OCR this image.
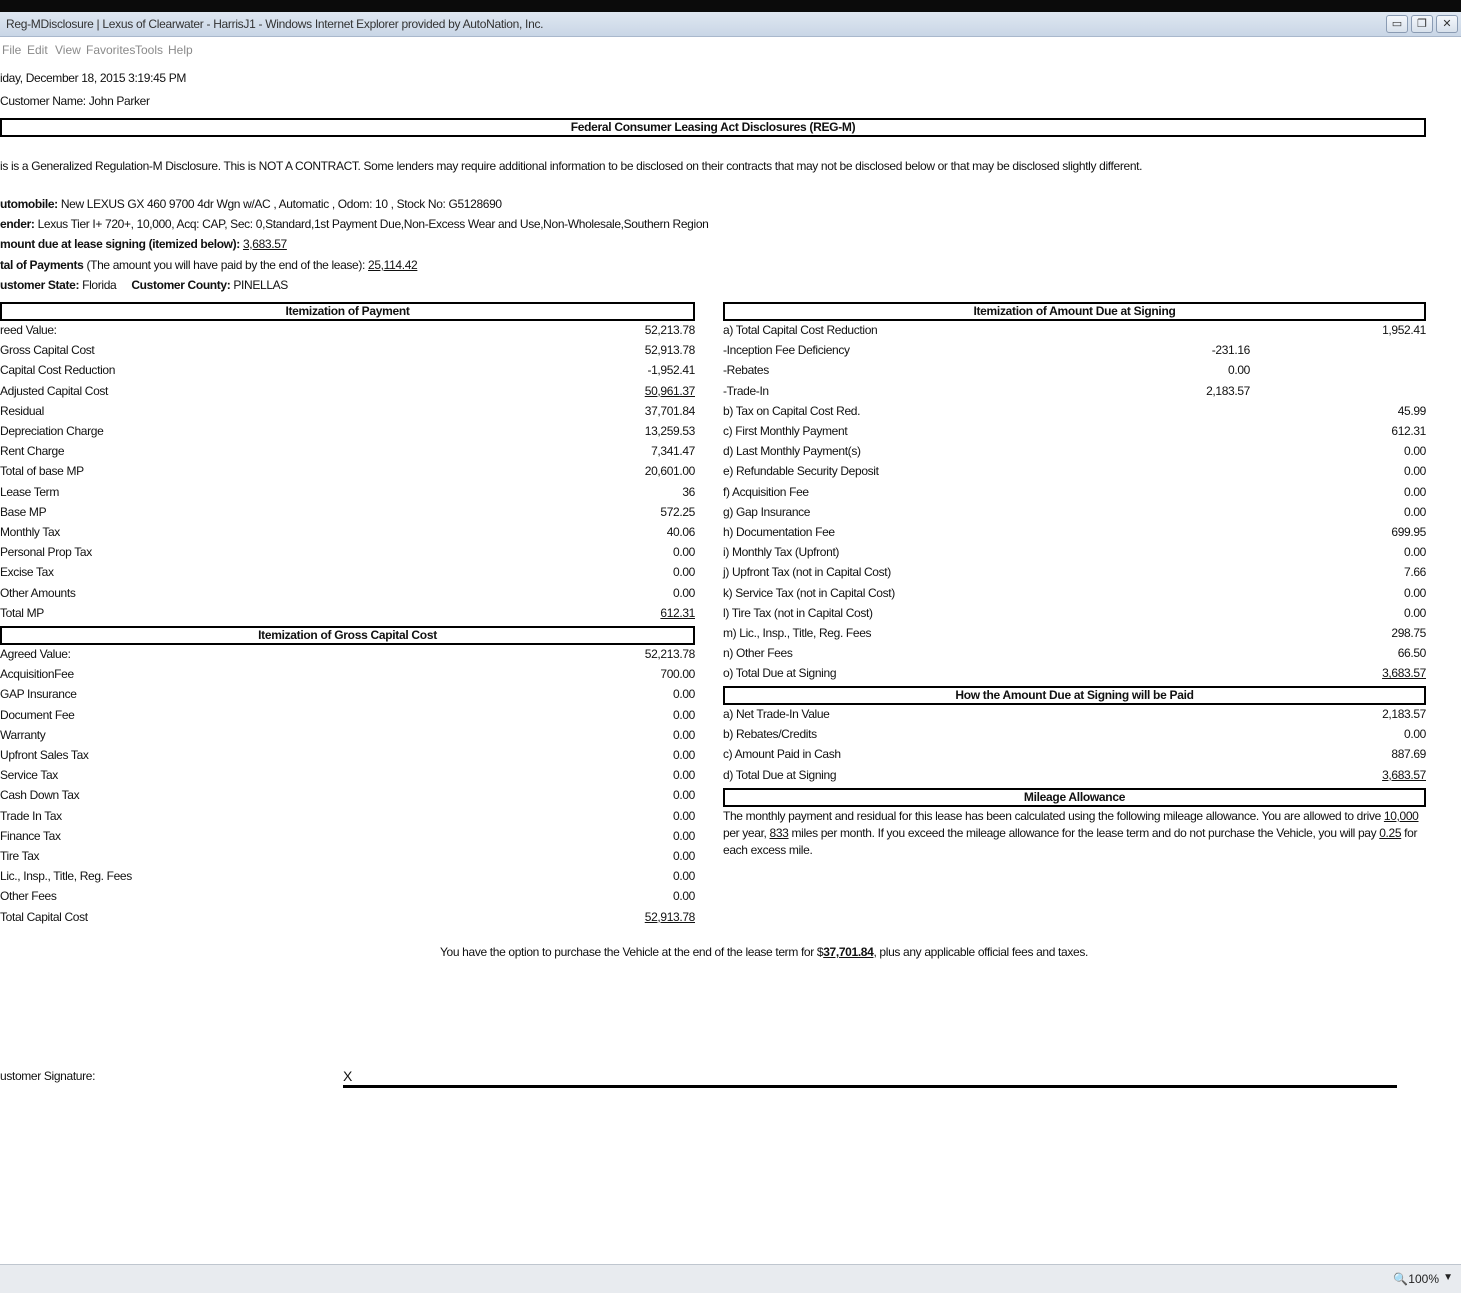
Reg-MDisclosure | Lexus of Clearwater - HarrisJ1 - Windows Internet Explorer provided by AutoNation, Inc.	▭	❐	✕
File Edit View Favorites Tools Help
iday, December 18, 2015 3:19:45 PM
Customer Name: John Parker
Federal Consumer Leasing Act Disclosures (REG-M)
is is a Generalized Regulation-M Disclosure. This is NOT A CONTRACT. Some lenders may require additional information to be disclosed on their contracts that may not be disclosed below or that may be disclosed slightly different.
utomobile: New LEXUS GX 460 9700 4dr Wgn w/AC , Automatic , Odom: 10 , Stock No: G5128690
ender: Lexus Tier I+ 720+, 10,000, Acq: CAP, Sec: 0,Standard,1st Payment Due,Non-Excess Wear and Use,Non-Wholesale,Southern Region
mount due at lease signing (itemized below): 3,683.57
tal of Payments (The amount you will have paid by the end of the lease): 25,114.42
ustomer State: Florida Customer County: PINELLAS
Itemization of Payment
reed Value:	52,213.78
Gross Capital Cost	52,913.78
Capital Cost Reduction	-1,952.41
Adjusted Capital Cost	50,961.37
Residual	37,701.84
Depreciation Charge	13,259.53
Rent Charge	7,341.47
Total of base MP	20,601.00
Lease Term	36
Base MP	572.25
Monthly Tax	40.06
Personal Prop Tax	0.00
Excise Tax	0.00
Other Amounts	0.00
Total MP	612.31
Itemization of Gross Capital Cost
Agreed Value:	52,213.78
AcquisitionFee	700.00
GAP Insurance	0.00
Document Fee	0.00
Warranty	0.00
Upfront Sales Tax	0.00
Service Tax	0.00
Cash Down Tax	0.00
Trade In Tax	0.00
Finance Tax	0.00
Tire Tax	0.00
Lic., Insp., Title, Reg. Fees	0.00
Other Fees	0.00
Total Capital Cost	52,913.78
Itemization of Amount Due at Signing
a) Total Capital Cost Reduction	1,952.41
-Inception Fee Deficiency	-231.16
-Rebates	0.00
-Trade-In	2,183.57
b) Tax on Capital Cost Red.	45.99
c) First Monthly Payment	612.31
d) Last Monthly Payment(s)	0.00
e) Refundable Security Deposit	0.00
f) Acquisition Fee	0.00
g) Gap Insurance	0.00
h) Documentation Fee	699.95
i) Monthly Tax (Upfront)	0.00
j) Upfront Tax (not in Capital Cost)	7.66
k) Service Tax (not in Capital Cost)	0.00
l) Tire Tax (not in Capital Cost)	0.00
m) Lic., Insp., Title, Reg. Fees	298.75
n) Other Fees	66.50
o) Total Due at Signing	3,683.57
How the Amount Due at Signing will be Paid
a) Net Trade-In Value	2,183.57
b) Rebates/Credits	0.00
c) Amount Paid in Cash	887.69
d) Total Due at Signing	3,683.57
Mileage Allowance
The monthly payment and residual for this lease has been calculated using the following mileage allowance. You are allowed to drive 10,000 per year, 833 miles per month. If you exceed the mileage allowance for the lease term and do not purchase the Vehicle, you will pay 0.25 for each excess mile.
You have the option to purchase the Vehicle at the end of the lease term for $37,701.84, plus any applicable official fees and taxes.
ustomer Signature:	X
🔍100% ▼
